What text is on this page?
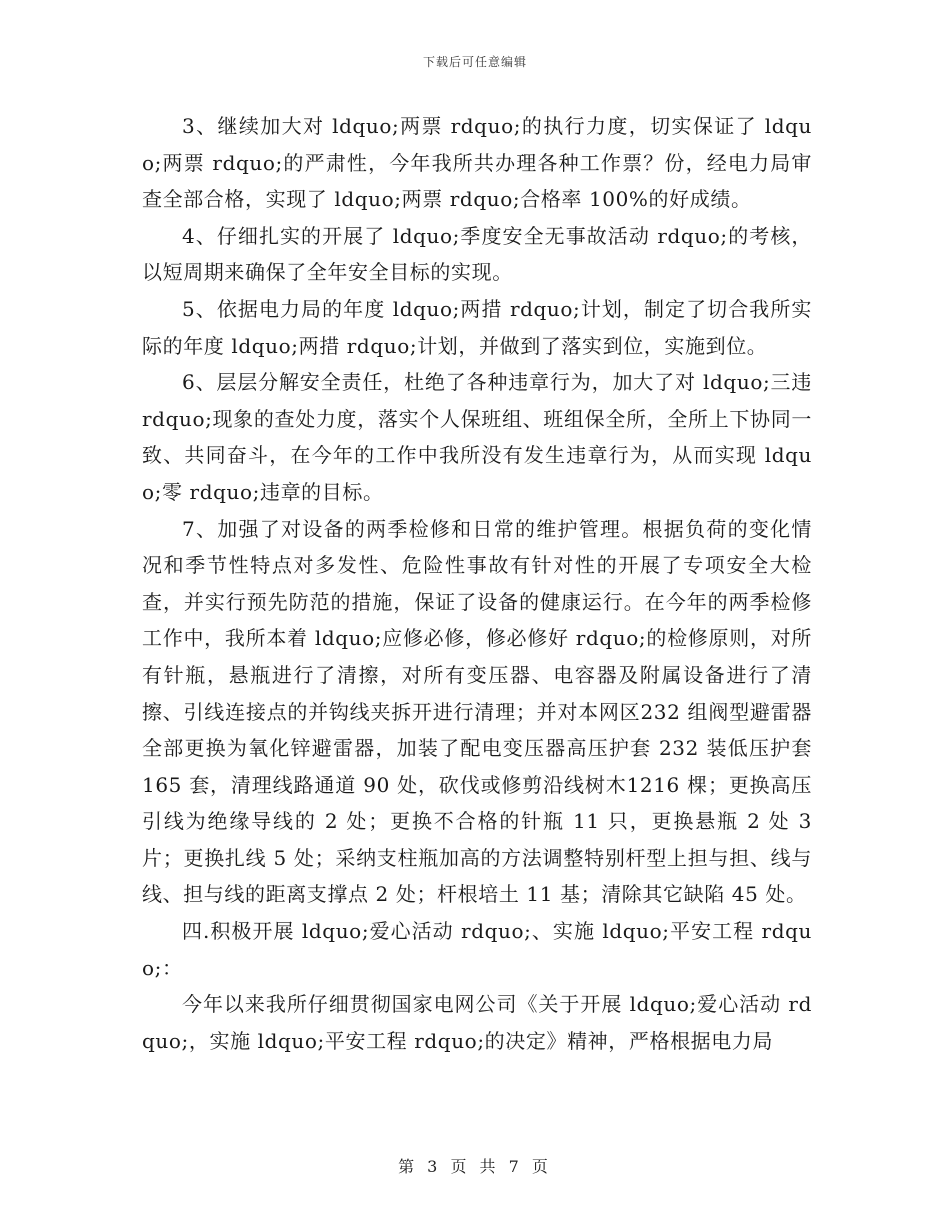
下载后可任意编辑

3、继续加大对 ldquo;两票 rdquo;的执行力度，切实保证了 ldquo;两票 rdquo;的严肃性，今年我所共办理各种工作票？份，经电力局审查全部合格，实现了 ldquo;两票 rdquo;合格率 100%的好成绩。

4、仔细扎实的开展了 ldquo;季度安全无事故活动 rdquo;的考核，以短周期来确保了全年安全目标的实现。

5、依据电力局的年度 ldquo;两措 rdquo;计划，制定了切合我所实际的年度 ldquo;两措 rdquo;计划，并做到了落实到位，实施到位。

6、层层分解安全责任，杜绝了各种违章行为，加大了对 ldquo;三违 rdquo;现象的查处力度，落实个人保班组、班组保全所，全所上下协同一致、共同奋斗，在今年的工作中我所没有发生违章行为，从而实现 ldquo;零 rdquo;违章的目标。

7、加强了对设备的两季检修和日常的维护管理。根据负荷的变化情况和季节性特点对多发性、危险性事故有针对性的开展了专项安全大检查，并实行预先防范的措施，保证了设备的健康运行。在今年的两季检修工作中，我所本着 ldquo;应修必修，修必修好 rdquo;的检修原则，对所有针瓶，悬瓶进行了清擦，对所有变压器、电容器及附属设备进行了清擦、引线连接点的并钩线夹拆开进行清理；并对本网区232 组阀型避雷器全部更换为氧化锌避雷器，加装了配电变压器高压护套 232 装低压护套 165 套，清理线路通道 90 处，砍伐或修剪沿线树木1216 棵；更换高压引线为绝缘导线的 2 处；更换不合格的针瓶 11 只，更换悬瓶 2 处 3 片；更换扎线 5 处；采纳支柱瓶加高的方法调整特别杆型上担与担、线与线、担与线的距离支撑点 2 处；杆根培土 11 基；清除其它缺陷 45 处。

四.积极开展 ldquo;爱心活动 rdquo;、实施 ldquo;平安工程 rdquo;：

今年以来我所仔细贯彻国家电网公司《关于开展 ldquo;爱心活动 rdquo;，实施 ldquo;平安工程 rdquo;的决定》精神，严格根据电力局

第 3 页 共 7 页
